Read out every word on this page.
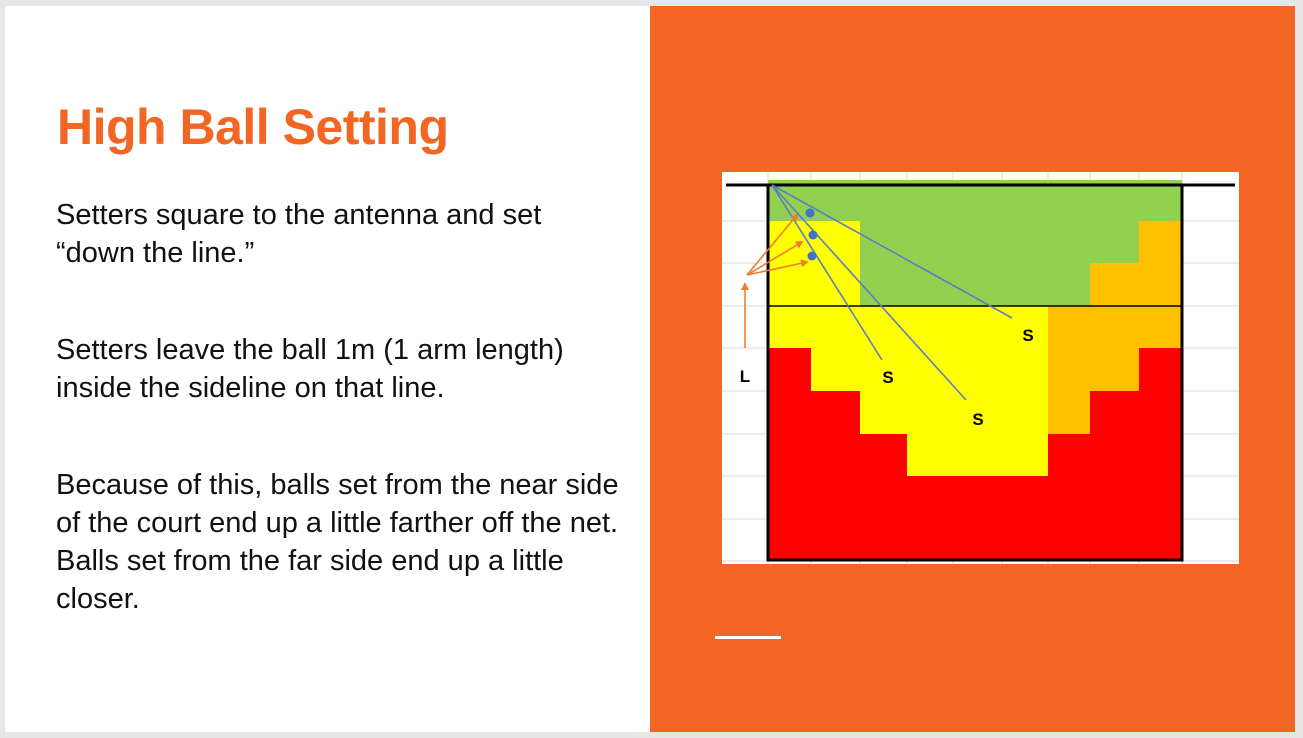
High Ball Setting

Setters square to the antenna and set “down the line.”

Setters leave the ball 1m (1 arm length) inside the sideline on that line.

Because of this, balls set from the near side of the court end up a little farther off the net. Balls set from the far side end up a little closer.

L
S
S
S
